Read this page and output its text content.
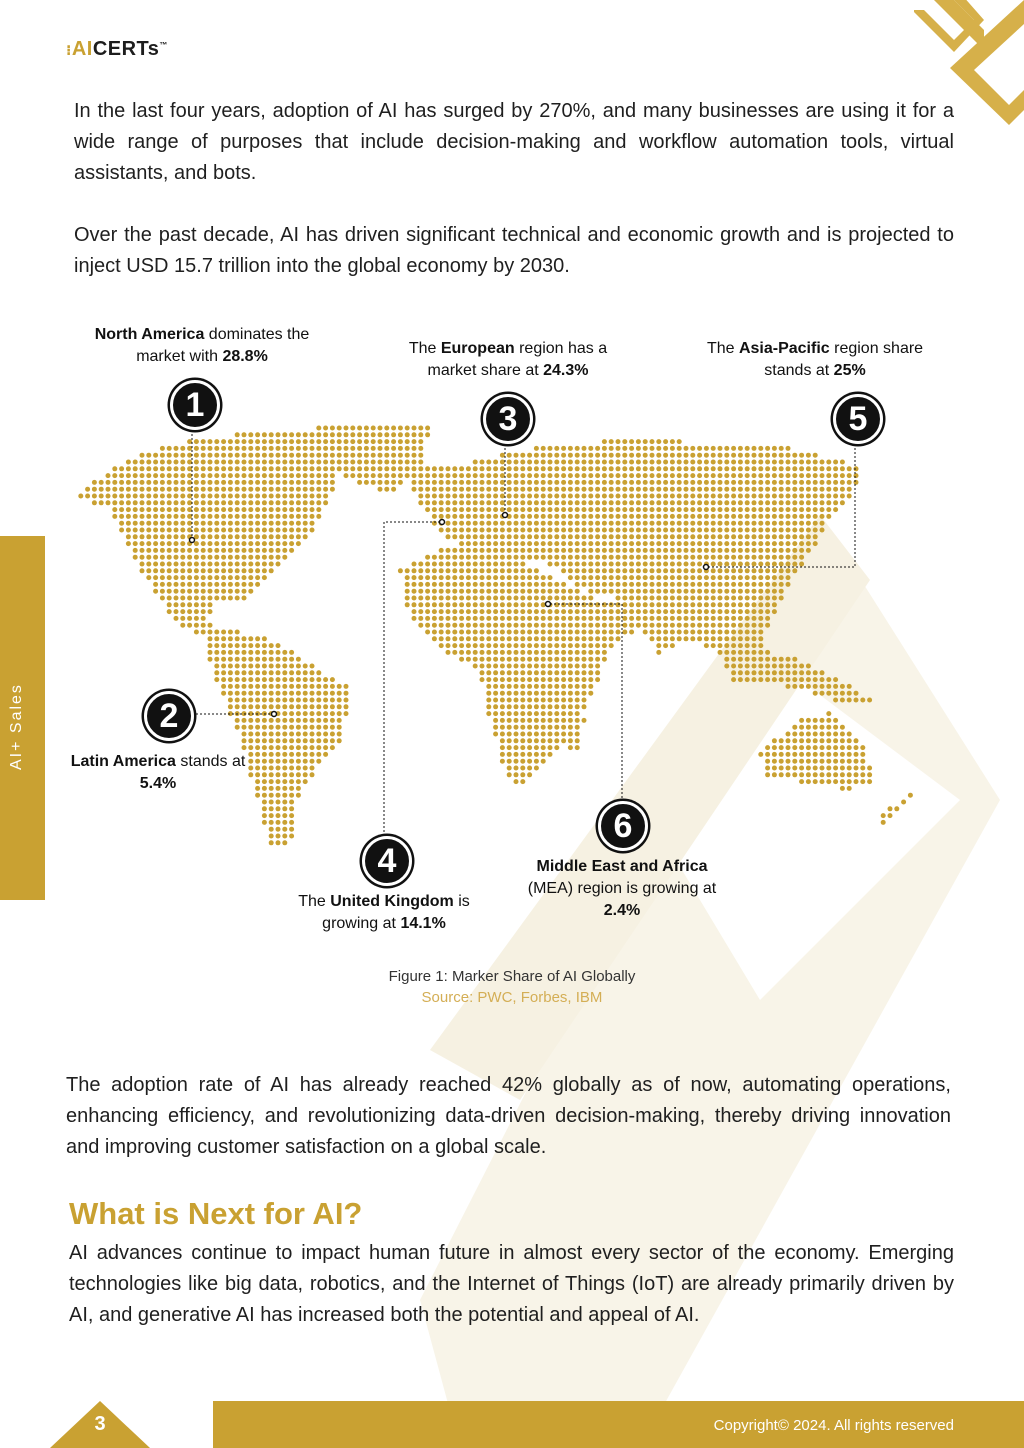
⁝AICERTs™
AI+ Sales

In the last four years, adoption of AI has surged by 270%, and many businesses are using it for a wide range of purposes that include decision-making and workflow automation tools, virtual assistants, and bots.

Over the past decade, AI has driven significant technical and economic growth and is projected to inject USD 15.7 trillion into the global economy by 2030.

North America dominates the market with 28.8%	The European region has a market share at 24.3%
The Asia-Pacific region share stands at 25%
Latin America stands at 5.4%
The United Kingdom is growing at 14.1%
Middle East and Africa (MEA) region is growing at 2.4%
1
2
3
4
5
6
Figure 1: Marker Share of AI Globally
Source: PWC, Forbes, IBM

The adoption rate of AI has already reached 42% globally as of now, automating operations, enhancing efficiency, and revolutionizing data-driven decision-making, thereby driving innovation and improving customer satisfaction on a global scale.

What is Next for AI?

AI advances continue to impact human future in almost every sector of the economy. Emerging technologies like big data, robotics, and the Internet of Things (IoT) are already primarily driven by AI, and generative AI has increased both the potential and appeal of AI.

3	Copyright© 2024. All rights reserved
